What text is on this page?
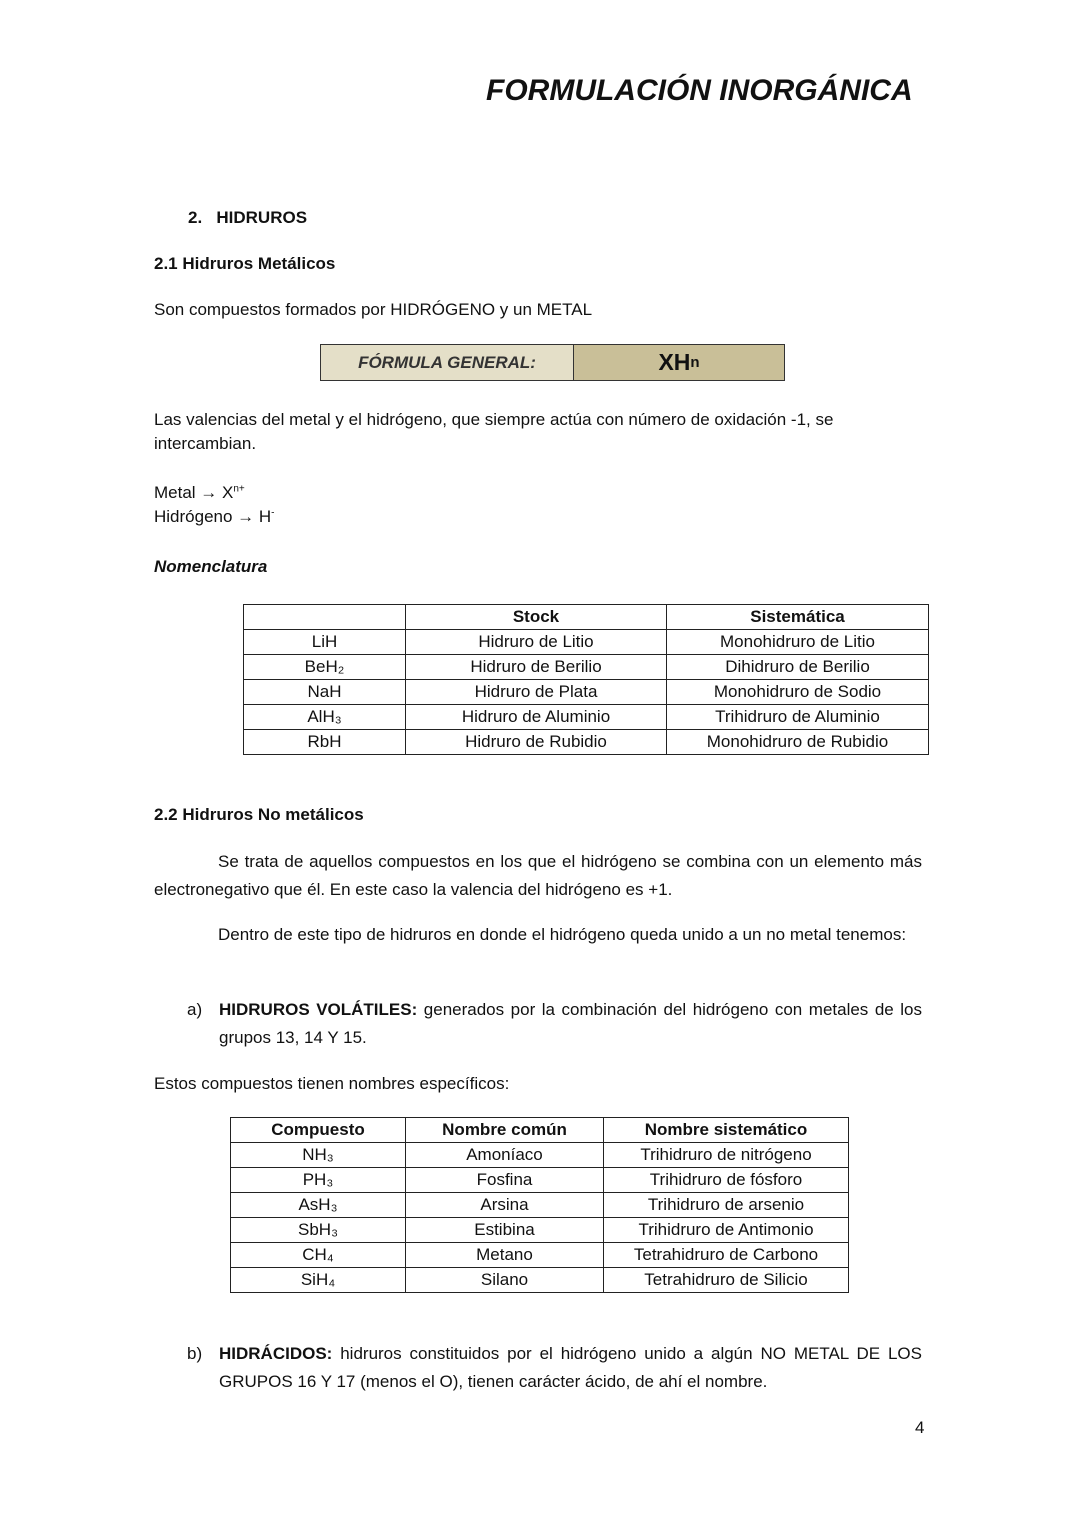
FORMULACIÓN INORGÁNICA
2. HIDRUROS
2.1 Hidruros Metálicos

Son compuestos formados por HIDRÓGENO y un METAL

FÓRMULA GENERAL:	XH n

Las valencias del metal y el hidrógeno, que siempre actúa con número de oxidación -1, se intercambian.

Metal → $X^{n+}$

Hidrógeno → H-

Nomenclatura

	Stock	Sistemática
LiH	Hidruro de Litio	Monohidruro de Litio
BeH₂	Hidruro de Berilio	Dihidruro de Berilio
NaH	Hidruro de Plata	Monohidruro de Sodio
AlH₃	Hidruro de Aluminio	Trihidruro de Aluminio
RbH	Hidruro de Rubidio	Monohidruro de Rubidio
2.2 Hidruros No metálicos

Se trata de aquellos compuestos en los que el hidrógeno se combina con un elemento más electronegativo que él. En este caso la valencia del hidrógeno es +1.

Dentro de este tipo de hidruros en donde el hidrógeno queda unido a un no metal tenemos:

a) HIDRUROS VOLÁTILES: generados por la combinación del hidrógeno con metales de los grupos 13, 14 Y 15.

Estos compuestos tienen nombres específicos:

Compuesto	Nombre común	Nombre sistemático
NH₃	Amoníaco	Trihidruro de nitrógeno
PH₃	Fosfina	Trihidruro de fósforo
AsH₃	Arsina	Trihidruro de arsenio
SbH₃	Estibina	Trihidruro de Antimonio
CH₄	Metano	Tetrahidruro de Carbono
SiH₄	Silano	Tetrahidruro de Silicio
b) HIDRÁCIDOS: hidruros constituidos por el hidrógeno unido a algún NO METAL DE LOS GRUPOS 16 Y 17 (menos el O), tienen carácter ácido, de ahí el nombre.

4
